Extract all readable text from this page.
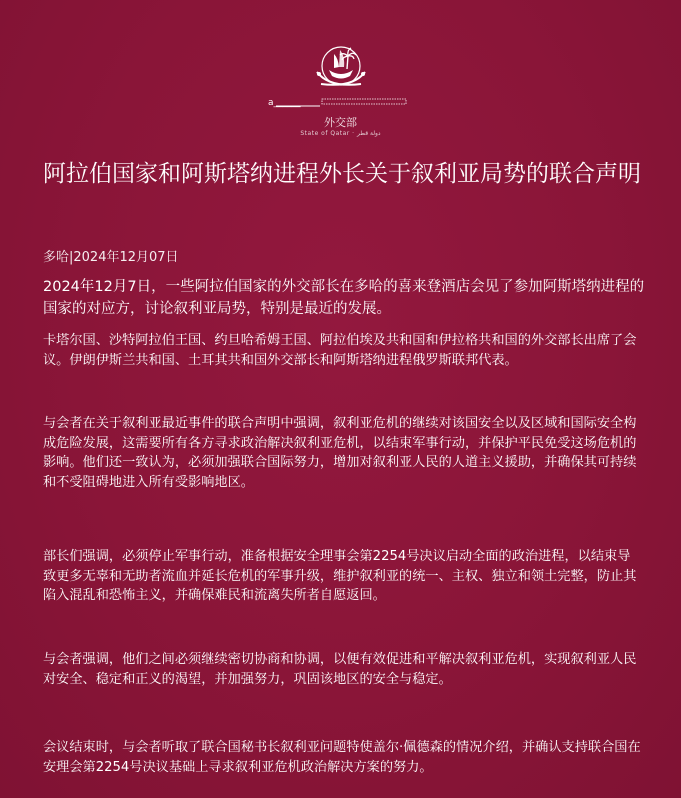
a______
外交部
State of Qatar · دولة قطر
阿拉伯国家和阿斯塔纳进程外长关于叙利亚局势的联合声明
多哈|2024年12月07日

2024年12月7日，一些阿拉伯国家的外交部长在多哈的喜来登酒店会见了参加阿斯塔纳进程的国家的对应方，讨论叙利亚局势，特别是最近的发展。

卡塔尔国、沙特阿拉伯王国、约旦哈希姆王国、阿拉伯埃及共和国和伊拉格共和国的外交部长出席了会议。伊朗伊斯兰共和国、土耳其共和国外交部长和阿斯塔纳进程俄罗斯联邦代表。

与会者在关于叙利亚最近事件的联合声明中强调，叙利亚危机的继续对该国安全以及区域和国际安全构成危险发展，这需要所有各方寻求政治解决叙利亚危机，以结束军事行动，并保护平民免受这场危机的影响。他们还一致认为，必须加强联合国际努力，增加对叙利亚人民的人道主义援助，并确保其可持续和不受阻碍地进入所有受影响地区。

部长们强调，必须停止军事行动，准备根据安全理事会第2254号决议启动全面的政治进程，以结束导致更多无辜和无助者流血并延长危机的军事升级，维护叙利亚的统一、主权、独立和领土完整，防止其陷入混乱和恐怖主义，并确保难民和流离失所者自愿返回。

与会者强调，他们之间必须继续密切协商和协调，以便有效促进和平解决叙利亚危机，实现叙利亚人民对安全、稳定和正义的渴望，并加强努力，巩固该地区的安全与稳定。

会议结束时，与会者听取了联合国秘书长叙利亚问题特使盖尔·佩德森的情况介绍，并确认支持联合国在安理会第2254号决议基础上寻求叙利亚危机政治解决方案的努力。
